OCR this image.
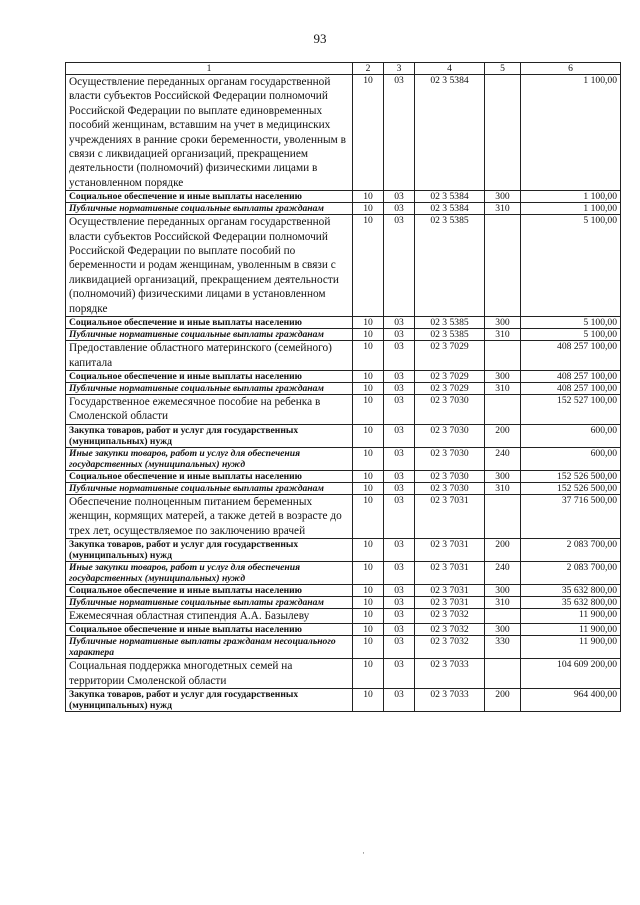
93
1	2	3	4	5	6
Осуществление переданных органам государственной власти субъектов Российской Федерации полномочий Российской Федерации по выплате единовременных пособий женщинам, вставшим на учет в медицинских учреждениях в ранние сроки беременности, уволенным в связи с ликвидацией организаций, прекращением деятельности (полномочий) физическими лицами в установленном порядке	10	03	02 3 5384		1 100,00
Социальное обеспечение и иные выплаты населению	10	03	02 3 5384	300	1 100,00
Публичные нормативные социальные выплаты гражданам	10	03	02 3 5384	310	1 100,00
Осуществление переданных органам государственной власти субъектов Российской Федерации полномочий Российской Федерации по выплате пособий по беременности и родам женщинам, уволенным в связи с ликвидацией организаций, прекращением деятельности (полномочий) физическими лицами в установленном порядке	10	03	02 3 5385		5 100,00
Социальное обеспечение и иные выплаты населению	10	03	02 3 5385	300	5 100,00
Публичные нормативные социальные выплаты гражданам	10	03	02 3 5385	310	5 100,00
Предоставление областного материнского (семейного) капитала	10	03	02 3 7029		408 257 100,00
Социальное обеспечение и иные выплаты населению	10	03	02 3 7029	300	408 257 100,00
Публичные нормативные социальные выплаты гражданам	10	03	02 3 7029	310	408 257 100,00
Государственное ежемесячное пособие на ребенка в Смоленской области	10	03	02 3 7030		152 527 100,00
Закупка товаров, работ и услуг для государственных (муниципальных) нужд	10	03	02 3 7030	200	600,00
Иные закупки товаров, работ и услуг для обеспечения государственных (муниципальных) нужд	10	03	02 3 7030	240	600,00
Социальное обеспечение и иные выплаты населению	10	03	02 3 7030	300	152 526 500,00
Публичные нормативные социальные выплаты гражданам	10	03	02 3 7030	310	152 526 500,00
Обеспечение полноценным питанием беременных женщин, кормящих матерей, а также детей в возрасте до трех лет, осуществляемое по заключению врачей	10	03	02 3 7031		37 716 500,00
Закупка товаров, работ и услуг для государственных (муниципальных) нужд	10	03	02 3 7031	200	2 083 700,00
Иные закупки товаров, работ и услуг для обеспечения государственных (муниципальных) нужд	10	03	02 3 7031	240	2 083 700,00
Социальное обеспечение и иные выплаты населению	10	03	02 3 7031	300	35 632 800,00
Публичные нормативные социальные выплаты гражданам	10	03	02 3 7031	310	35 632 800,00
Ежемесячная областная стипендия А.А. Базылеву	10	03	02 3 7032		11 900,00
Социальное обеспечение и иные выплаты населению	10	03	02 3 7032	300	11 900,00
Публичные нормативные выплаты гражданам несоциального характера	10	03	02 3 7032	330	11 900,00
Социальная поддержка многодетных семей на территории Смоленской области	10	03	02 3 7033		104 609 200,00
Закупка товаров, работ и услуг для государственных (муниципальных) нужд	10	03	02 3 7033	200	964 400,00
·
